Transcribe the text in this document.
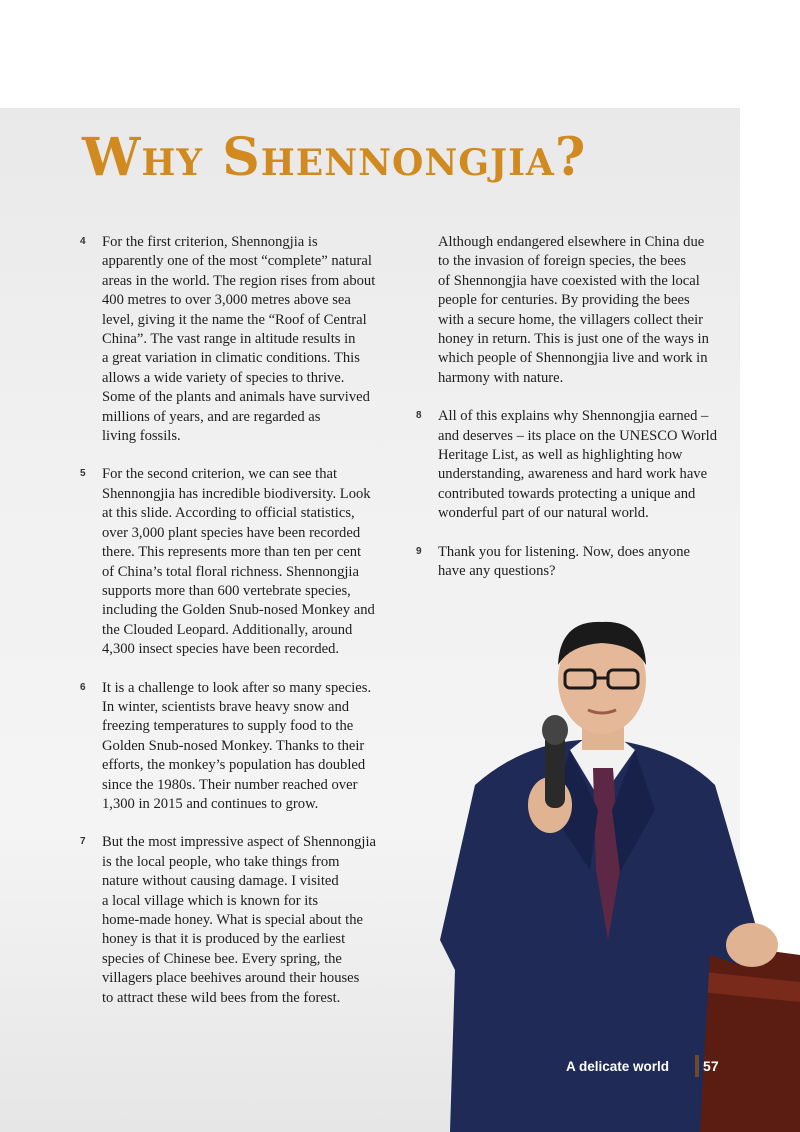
Why Shennongjia?
4 For the first criterion, Shennongjia is
apparently one of the most “complete” natural
areas in the world. The region rises from about
400 metres to over 3,000 metres above sea
level, giving it the name the “Roof of Central
China”. The vast range in altitude results in
a great variation in climatic conditions. This
allows a wide variety of species to thrive.
Some of the plants and animals have survived
millions of years, and are regarded as
living fossils.

5 For the second criterion, we can see that
Shennongjia has incredible biodiversity. Look
at this slide. According to official statistics,
over 3,000 plant species have been recorded
there. This represents more than ten per cent
of China’s total floral richness. Shennongjia
supports more than 600 vertebrate species,
including the Golden Snub-nosed Monkey and
the Clouded Leopard. Additionally, around
4,300 insect species have been recorded.

6 It is a challenge to look after so many species.
In winter, scientists brave heavy snow and
freezing temperatures to supply food to the
Golden Snub-nosed Monkey. Thanks to their
efforts, the monkey’s population has doubled
since the 1980s. Their number reached over
1,300 in 2015 and continues to grow.

7 But the most impressive aspect of Shennongjia
is the local people, who take things from
nature without causing damage. I visited
a local village which is known for its
home-made honey. What is special about the
honey is that it is produced by the earliest
species of Chinese bee. Every spring, the
villagers place beehives around their houses
to attract these wild bees from the forest.

Although endangered elsewhere in China due
to the invasion of foreign species, the bees
of Shennongjia have coexisted with the local
people for centuries. By providing the bees
with a secure home, the villagers collect their
honey in return. This is just one of the ways in
which people of Shennongjia live and work in
harmony with nature.

8 All of this explains why Shennongjia earned –
and deserves – its place on the UNESCO World
Heritage List, as well as highlighting how
understanding, awareness and hard work have
contributed towards protecting a unique and
wonderful part of our natural world.

9 Thank you for listening. Now, does anyone
have any questions?

A delicate world 57
